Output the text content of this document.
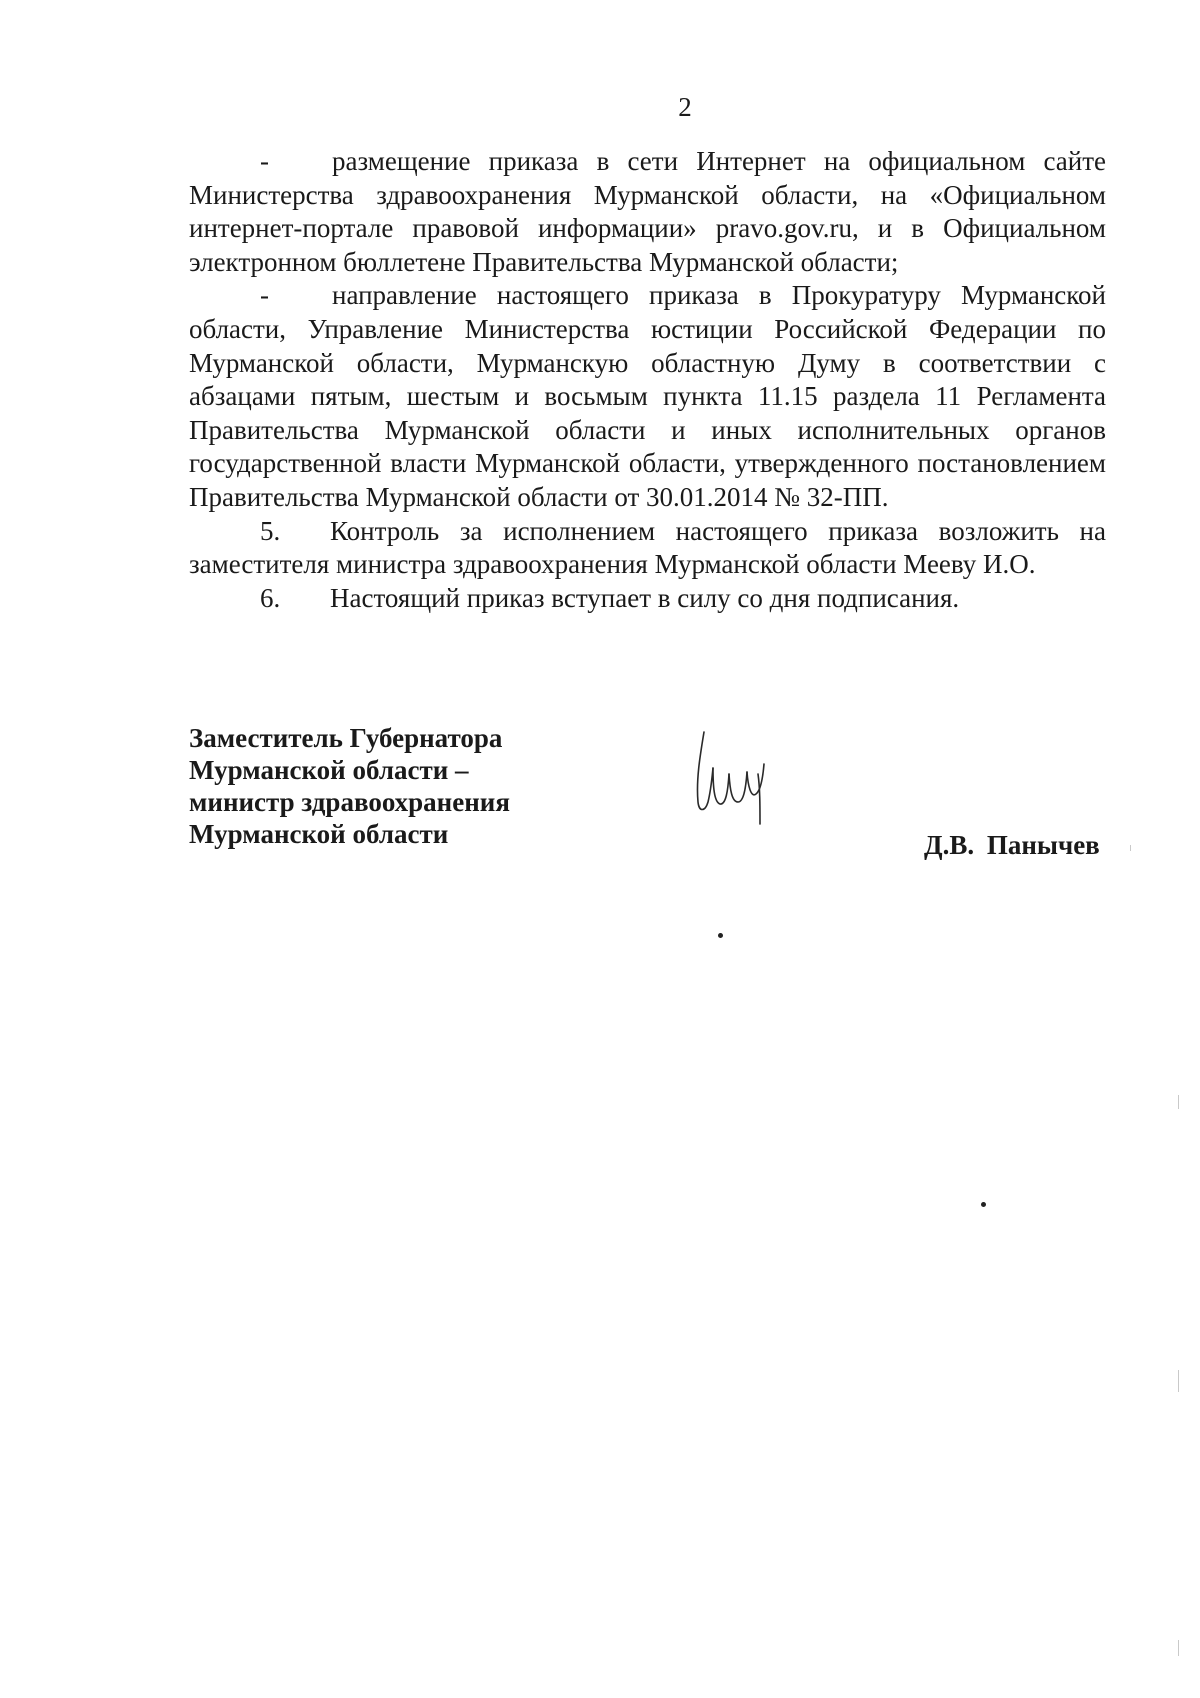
2

- размещение приказа в сети Интернет на официальном сайте Министерства здравоохранения Мурманской области, на «Официальном интернет-портале правовой информации» pravo.gov.ru, и в Официальном электронном бюллетене Правительства Мурманской области;

- направление настоящего приказа в Прокуратуру Мурманской области, Управление Министерства юстиции Российской Федерации по Мурманской области, Мурманскую областную Думу в соответствии с абзацами пятым, шестым и восьмым пункта 11.15 раздела 11 Регламента Правительства Мурманской области и иных исполнительных органов государственной власти Мурманской области, утвержденного постановлением Правительства Мурманской области от 30.01.2014 № 32-ПП.

5. Контроль за исполнением настоящего приказа возложить на заместителя министра здравоохранения Мурманской области Мееву И.О.

6. Настоящий приказ вступает в силу со дня подписания.

Заместитель Губернатора
Мурманской области –
министр здравоохранения
Мурманской области	Д.В. Панычев
